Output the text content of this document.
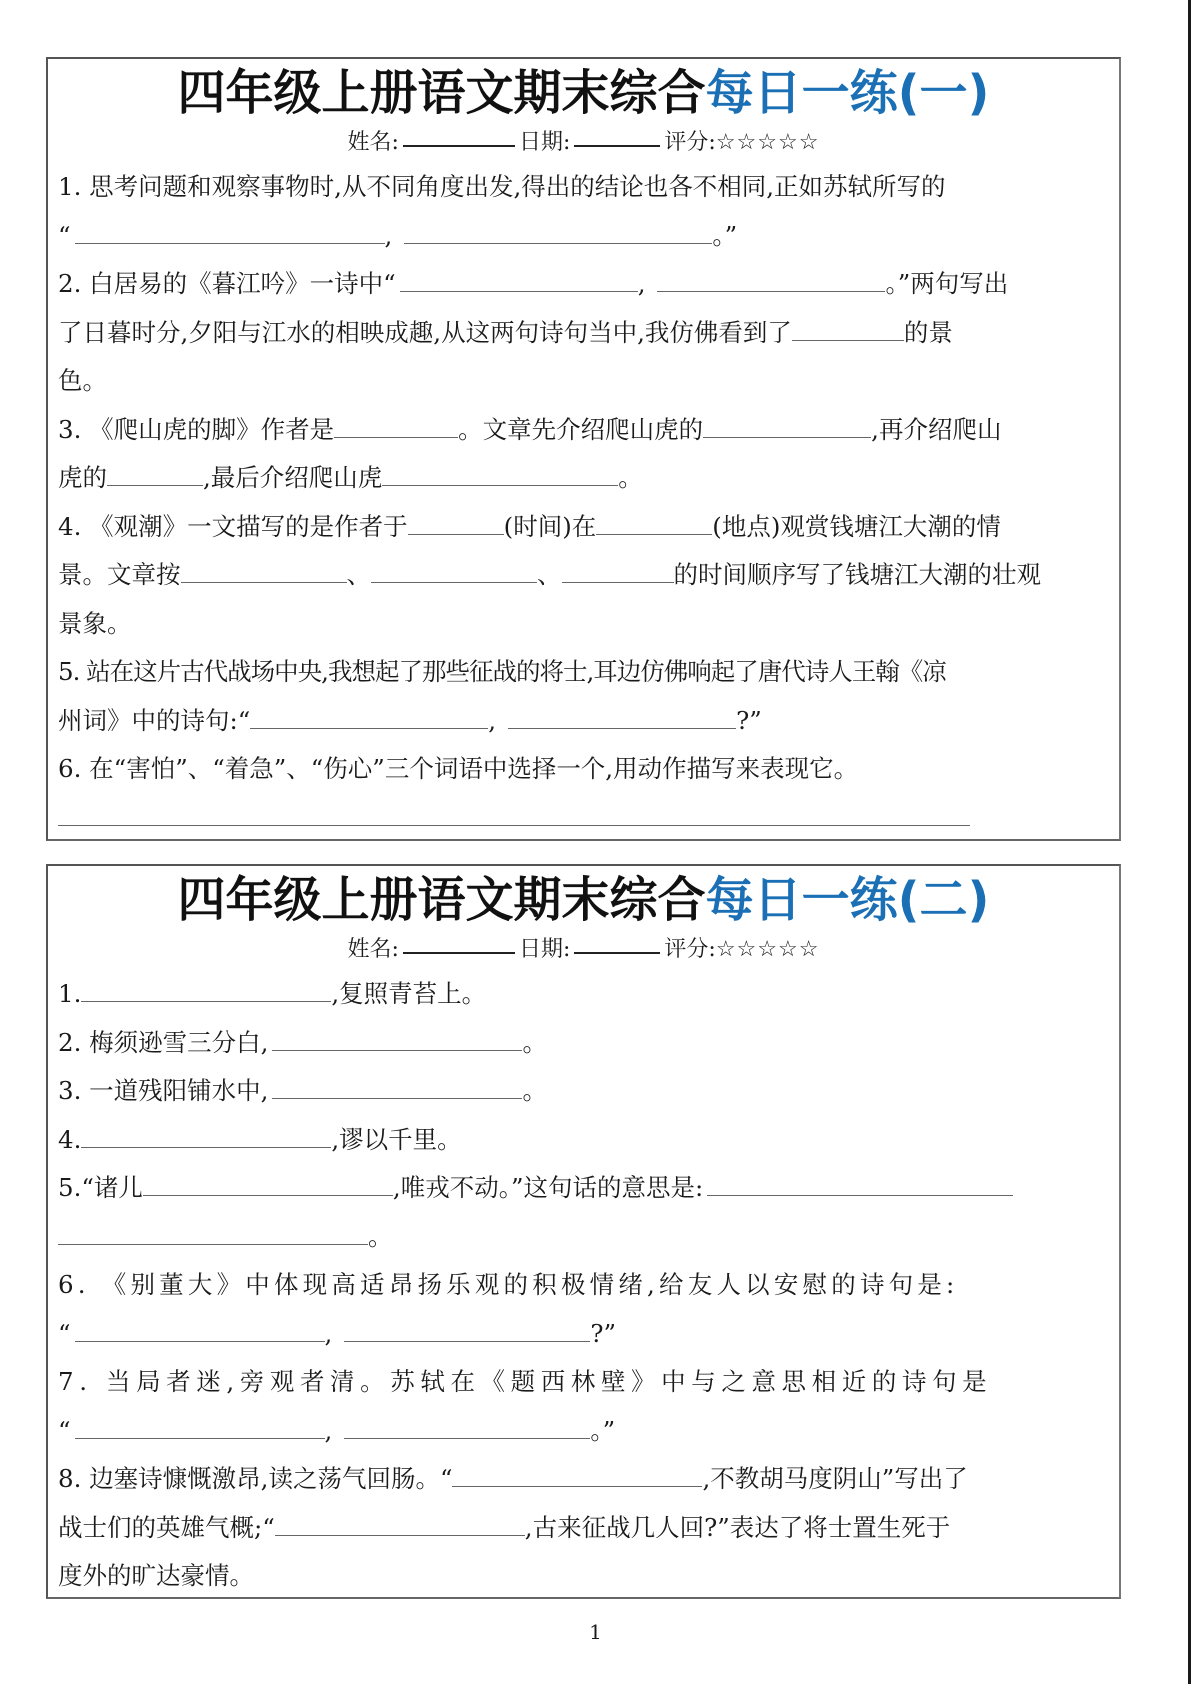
四年级上册语文期末综合每日一练(一)
姓名:	日期:	评分:☆☆☆☆☆
1. 思考问题和观察事物时,从不同角度出发,得出的结论也各不相同,正如苏轼所写的
“	,	。”
2. 白居易的《暮江吟》一诗中“	,	。”两句写出
了日暮时分,夕阳与江水的相映成趣,从这两句诗句当中,我仿佛看到了	的景
色。
3. 《爬山虎的脚》作者是	。文章先介绍爬山虎的	,再介绍爬山
虎的	,最后介绍爬山虎	。
4. 《观潮》一文描写的是作者于	(时间)在	(地点)观赏钱塘江大潮的情
景。文章按	、	、	的时间顺序写了钱塘江大潮的壮观
景象。
5. 站在这片古代战场中央,我想起了那些征战的将士,耳边仿佛响起了唐代诗人王翰《凉
州词》中的诗句:“	,	?”
6. 在“害怕”、“着急”、“伤心”三个词语中选择一个,用动作描写来表现它。
四年级上册语文期末综合每日一练(二)
姓名:	日期:	评分:☆☆☆☆☆
1.	,复照青苔上。
2. 梅须逊雪三分白,	。
3. 一道残阳铺水中,	。
4.	,谬以千里。
5.“诸儿	,唯戎不动。”这句话的意思是:
。
6. 《别董大》中体现高适昂扬乐观的积极情绪,给友人以安慰的诗句是:
“	,	?”
7. 当局者迷,旁观者清。苏轼在《题西林壁》中与之意思相近的诗句是
“	,	。”
8. 边塞诗慷慨激昂,读之荡气回肠。“	,不教胡马度阴山”写出了
战士们的英雄气概;“	,古来征战几人回?”表达了将士置生死于
度外的旷达豪情。
1
